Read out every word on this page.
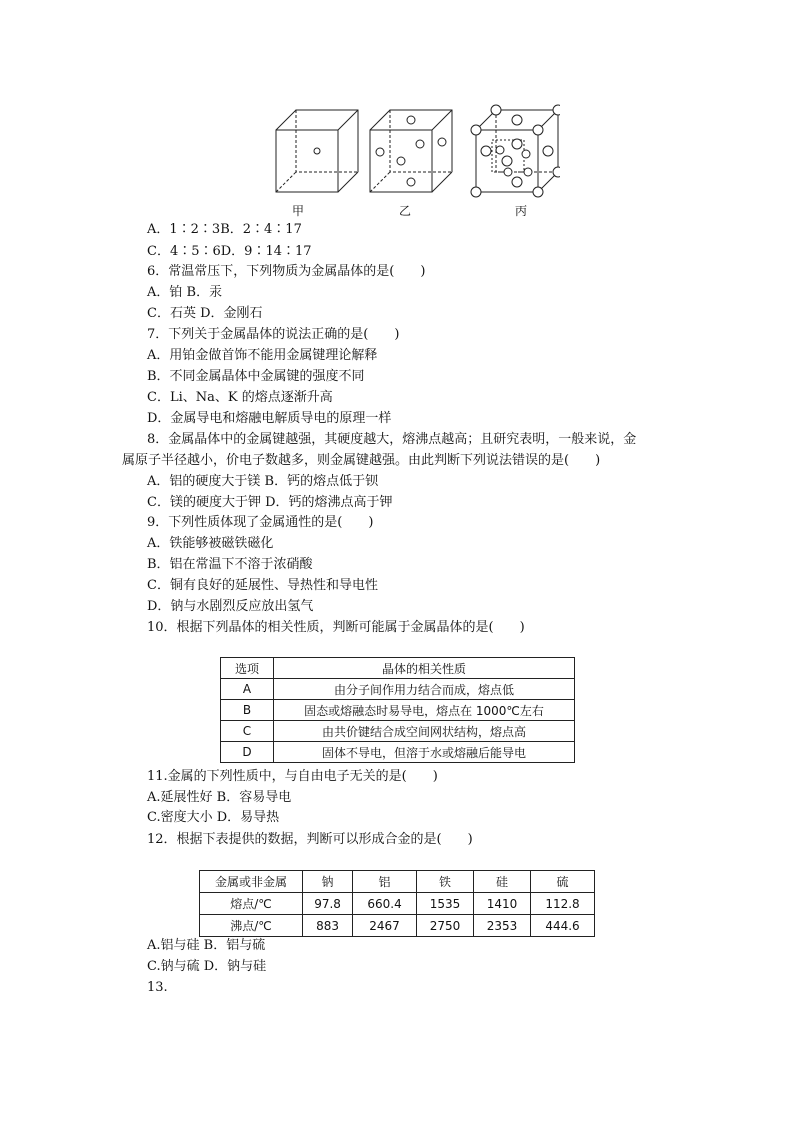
甲	乙	丙
A．1∶2∶3B．2∶4∶17
C．4∶5∶6D．9∶14∶17
6．常温常压下，下列物质为金属晶体的是(　　)
A．铂 B．汞
C．石英 D．金刚石
7．下列关于金属晶体的说法正确的是(　　)
A．用铂金做首饰不能用金属键理论解释
B．不同金属晶体中金属键的强度不同
C．Li、Na、K 的熔点逐渐升高
D．金属导电和熔融电解质导电的原理一样
8．金属晶体中的金属键越强，其硬度越大，熔沸点越高；且研究表明，一般来说，金
属原子半径越小，价电子数越多，则金属键越强。由此判断下列说法错误的是(　　)
A．铝的硬度大于镁 B．钙的熔点低于钡
C．镁的硬度大于钾 D．钙的熔沸点高于钾
9．下列性质体现了金属通性的是(　　)
A．铁能够被磁铁磁化
B．铝在常温下不溶于浓硝酸
C．铜有良好的延展性、导热性和导电性
D．钠与水剧烈反应放出氢气
10．根据下列晶体的相关性质，判断可能属于金属晶体的是(　　)
选项	晶体的相关性质
A	由分子间作用力结合而成，熔点低
B	固态或熔融态时易导电，熔点在 1000℃左右
C	由共价键结合成空间网状结构，熔点高
D	固体不导电，但溶于水或熔融后能导电
11.金属的下列性质中，与自由电子无关的是(　　)
A.延展性好 B．容易导电
C.密度大小 D．易导热
12．根据下表提供的数据，判断可以形成合金的是(　　)
金属或非金属	钠	铝	铁	硅	硫
熔点/℃	97.8	660.4	1535	1410	112.8
沸点/℃	883	2467	2750	2353	444.6
A.铝与硅 B．铝与硫
C.钠与硫 D．钠与硅
13.
